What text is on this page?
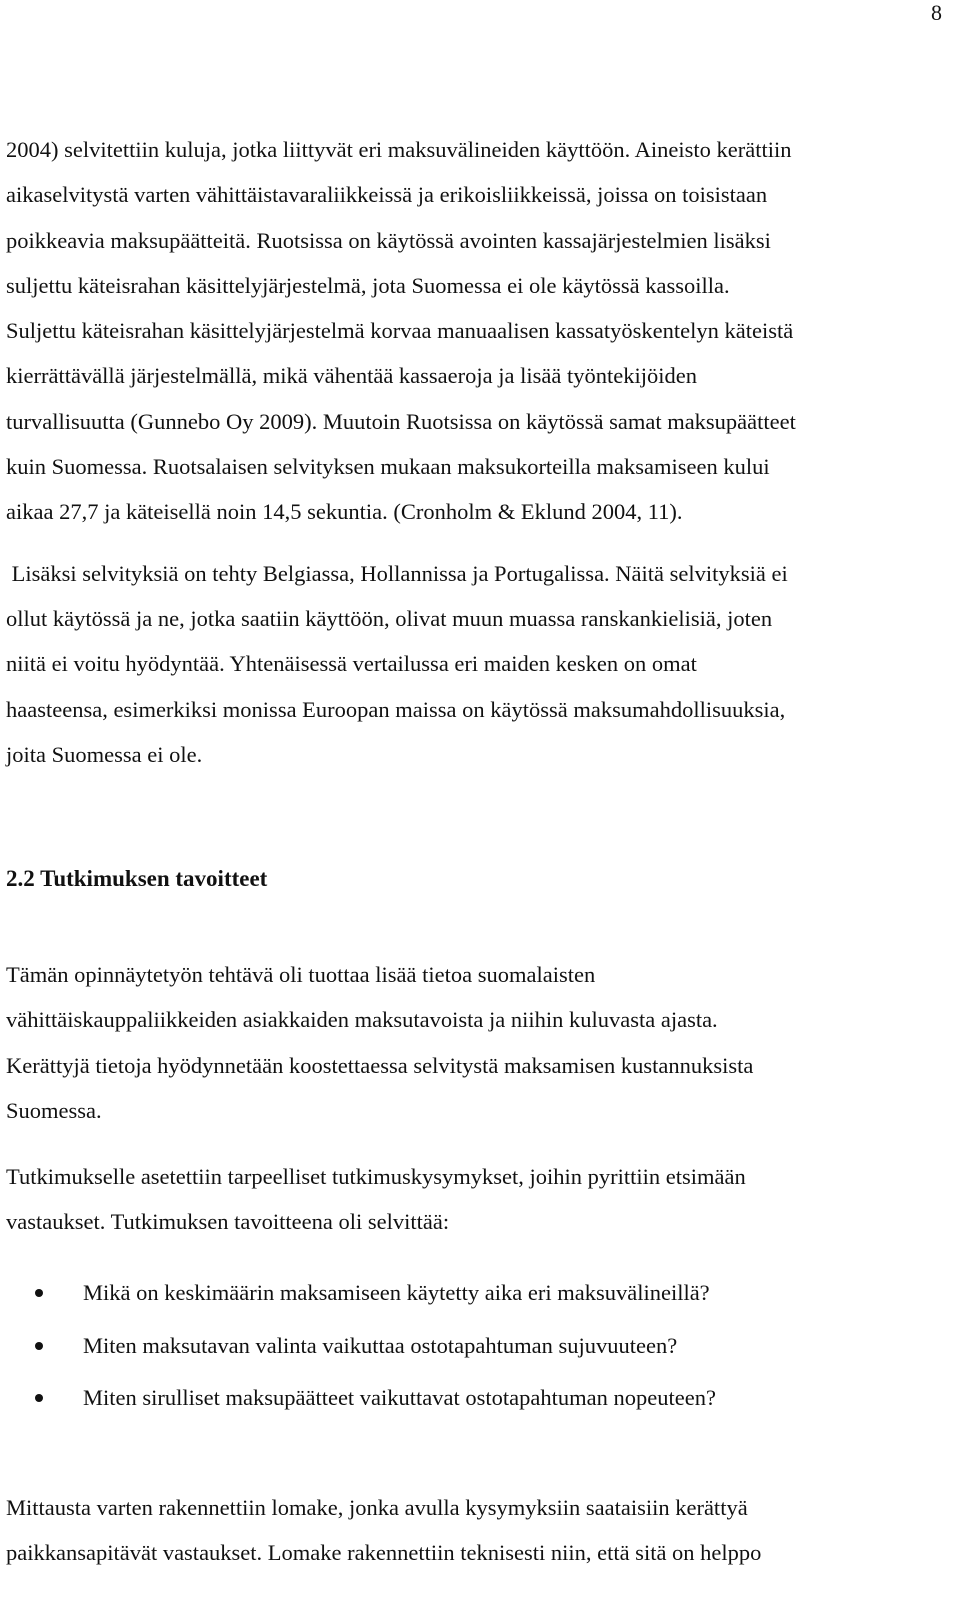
8

2004) selvitettiin kuluja, jotka liittyvät eri maksuvälineiden käyttöön. Aineisto kerättiin
aikaselvitystä varten vähittäistavaraliikkeissä ja erikoisliikkeissä, joissa on toisistaan
poikkeavia maksupäätteitä. Ruotsissa on käytössä avointen kassajärjestelmien lisäksi
suljettu käteisrahan käsittelyjärjestelmä, jota Suomessa ei ole käytössä kassoilla.
Suljettu käteisrahan käsittelyjärjestelmä korvaa manuaalisen kassatyöskentelyn käteistä
kierrättävällä järjestelmällä, mikä vähentää kassaeroja ja lisää työntekijöiden
turvallisuutta (Gunnebo Oy 2009). Muutoin Ruotsissa on käytössä samat maksupäätteet
kuin Suomessa. Ruotsalaisen selvityksen mukaan maksukorteilla maksamiseen kului
aikaa 27,7 ja käteisellä noin 14,5 sekuntia. (Cronholm & Eklund 2004, 11).

Lisäksi selvityksiä on tehty Belgiassa, Hollannissa ja Portugalissa. Näitä selvityksiä ei
ollut käytössä ja ne, jotka saatiin käyttöön, olivat muun muassa ranskankielisiä, joten
niitä ei voitu hyödyntää. Yhtenäisessä vertailussa eri maiden kesken on omat
haasteensa, esimerkiksi monissa Euroopan maissa on käytössä maksumahdollisuuksia,
joita Suomessa ei ole.

2.2 Tutkimuksen tavoitteet

Tämän opinnäytetyön tehtävä oli tuottaa lisää tietoa suomalaisten
vähittäiskauppaliikkeiden asiakkaiden maksutavoista ja niihin kuluvasta ajasta.
Kerättyjä tietoja hyödynnetään koostettaessa selvitystä maksamisen kustannuksista
Suomessa.

Tutkimukselle asetettiin tarpeelliset tutkimuskysymykset, joihin pyrittiin etsimään
vastaukset. Tutkimuksen tavoitteena oli selvittää:

Mikä on keskimäärin maksamiseen käytetty aika eri maksuvälineillä?
Miten maksutavan valinta vaikuttaa ostotapahtuman sujuvuuteen?
Miten sirulliset maksupäätteet vaikuttavat ostotapahtuman nopeuteen?

Mittausta varten rakennettiin lomake, jonka avulla kysymyksiin saataisiin kerättyä
paikkansapitävät vastaukset. Lomake rakennettiin teknisesti niin, että sitä on helppo
